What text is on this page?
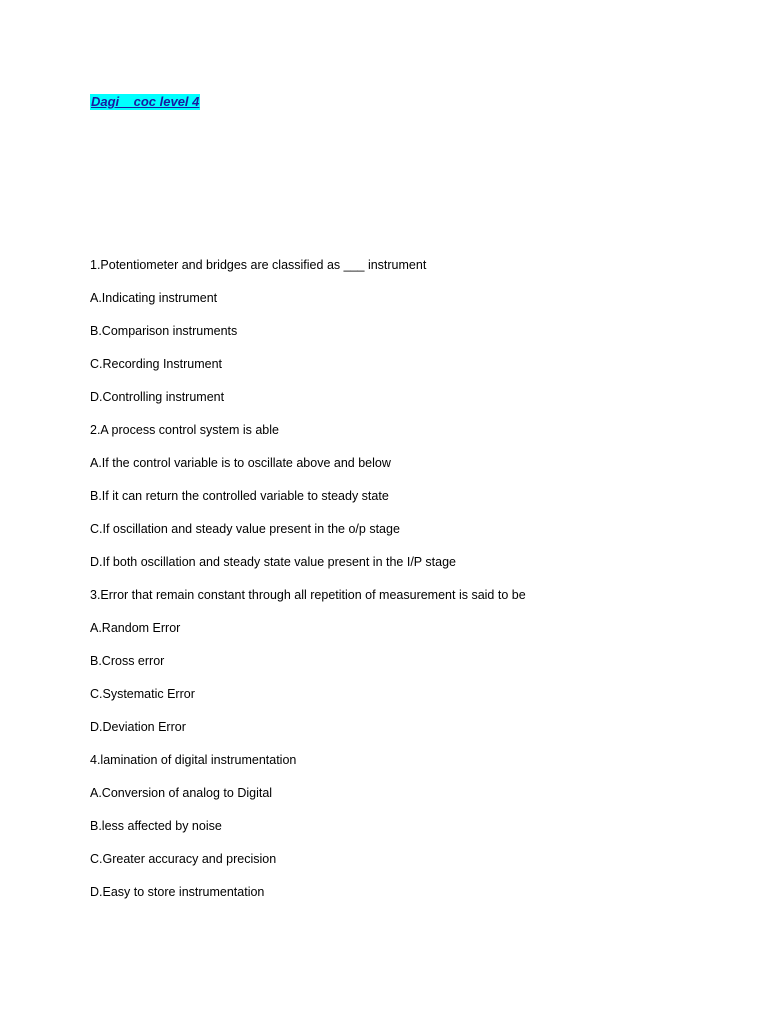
Dagi    coc level 4
1.Potentiometer and bridges are classified as ___ instrument
A.Indicating instrument
B.Comparison instruments
C.Recording Instrument
D.Controlling instrument
2.A process control system is able
A.If the control variable is to oscillate above and below
B.If it can return the controlled variable to steady state
C.If oscillation and steady value present in the o/p stage
D.If both oscillation and steady state value present in the I/P stage
3.Error that remain constant through all repetition of measurement is said to be
A.Random Error
B.Cross error
C.Systematic Error
D.Deviation Error
4.lamination of digital instrumentation
A.Conversion of analog to Digital
B.less affected by noise
C.Greater accuracy and precision
D.Easy to store instrumentation
